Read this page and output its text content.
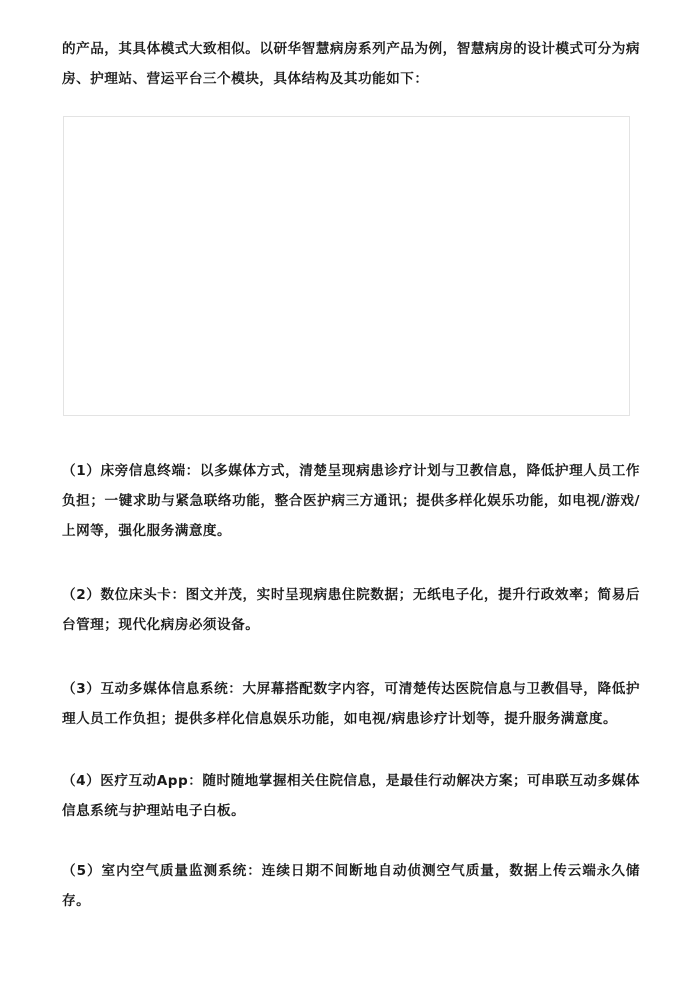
的产品，其具体模式大致相似。以研华智慧病房系列产品为例，智慧病房的设计模式可分为病房、护理站、营运平台三个模块，具体结构及其功能如下：

（1）床旁信息终端：以多媒体方式，清楚呈现病患诊疗计划与卫教信息，降低护理人员工作负担；一键求助与紧急联络功能，整合医护病三方通讯；提供多样化娱乐功能，如电视/游戏/上网等，强化服务满意度。

（2）数位床头卡：图文并茂，实时呈现病患住院数据；无纸电子化，提升行政效率；简易后台管理；现代化病房必须设备。

（3）互动多媒体信息系统：大屏幕搭配数字内容，可清楚传达医院信息与卫教倡导，降低护理人员工作负担；提供多样化信息娱乐功能，如电视/病患诊疗计划等，提升服务满意度。

（4）医疗互动App：随时随地掌握相关住院信息，是最佳行动解决方案；可串联互动多媒体信息系统与护理站电子白板。

（5）室内空气质量监测系统：连续日期不间断地自动侦测空气质量，数据上传云端永久储存。
